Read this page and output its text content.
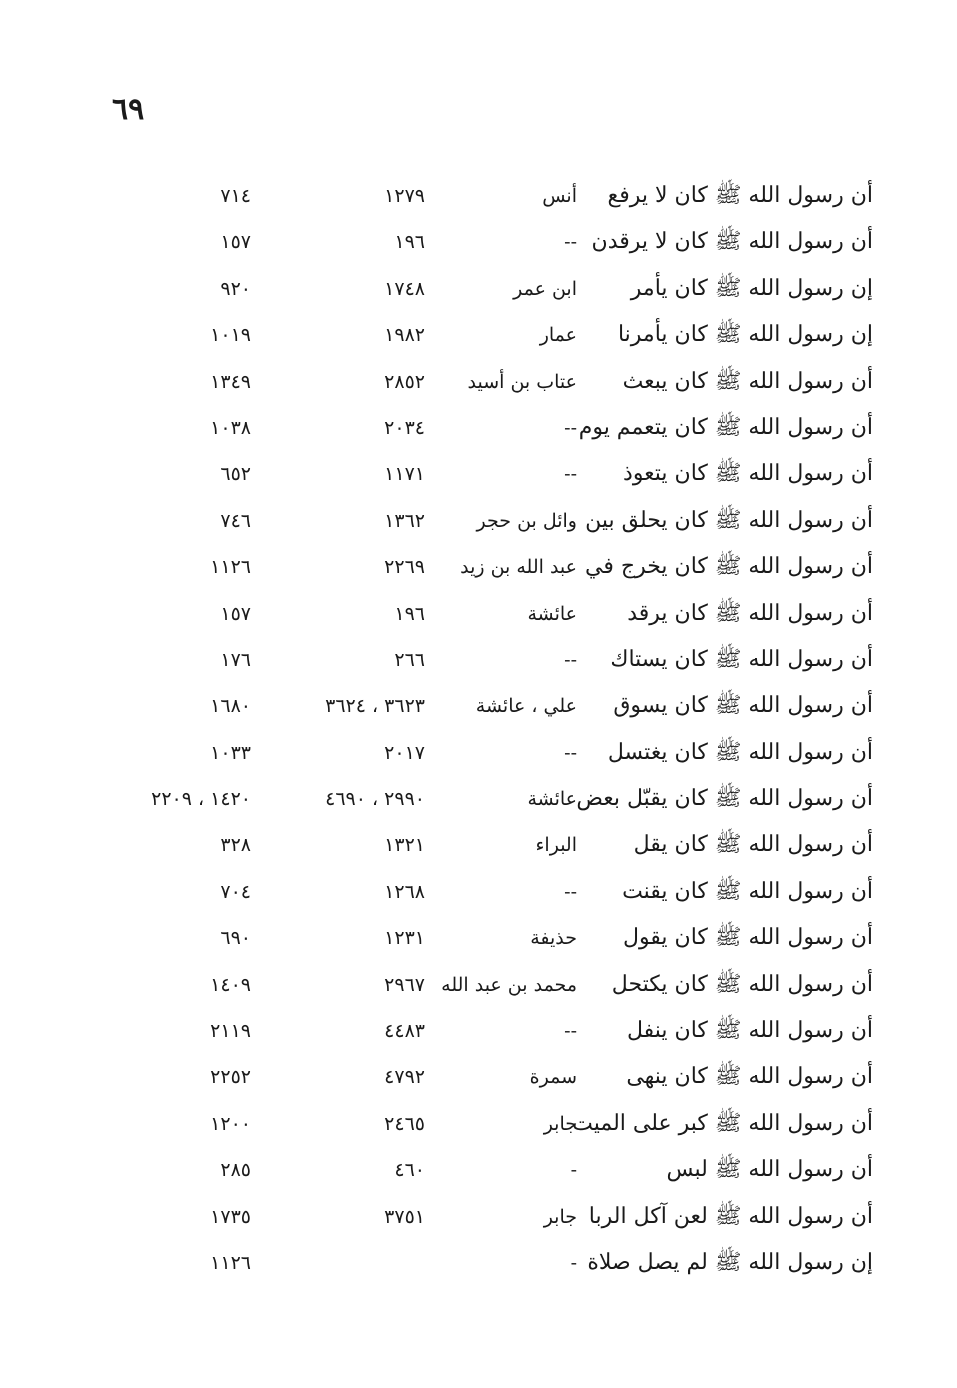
٦٩
أن رسول الله ﷺ كان لا يرفع
أنس
١٢٧٩
٧١٤
أن رسول الله ﷺ كان لا يرقدن
--
١٩٦
١٥٧
إن رسول الله ﷺ كان يأمر
ابن عمر
١٧٤٨
٩٢٠
إن رسول الله ﷺ كان يأمرنا
عمار
١٩٨٢
١٠١٩
أن رسول الله ﷺ كان يبعث
عتاب بن أسيد
٢٨٥٢
١٣٤٩
أن رسول الله ﷺ كان يتعمم يوم
--
٢٠٣٤
١٠٣٨
أن رسول الله ﷺ كان يتعوذ
--
١١٧١
٦٥٢
أن رسول الله ﷺ كان يحلق بين
وائل بن حجر
١٣٦٢
٧٤٦
أن رسول الله ﷺ كان يخرج في
عبد الله بن زيد
٢٢٦٩
١١٢٦
أن رسول الله ﷺ كان يرقد
عائشة
١٩٦
١٥٧
أن رسول الله ﷺ كان يستاك
--
٢٦٦
١٧٦
أن رسول الله ﷺ كان يسوق
علي ، عائشة
٣٦٢٣ ، ٣٦٢٤
١٦٨٠
أن رسول الله ﷺ كان يغتسل
--
٢٠١٧
١٠٣٣
أن رسول الله ﷺ كان يقبّل بعض
عائشة
٢٩٩٠ ، ٤٦٩٠
١٤٢٠ ، ٢٢٠٩
أن رسول الله ﷺ كان يقل
البراء
١٣٢١
٣٢٨
أن رسول الله ﷺ كان يقنت
--
١٢٦٨
٧٠٤
أن رسول الله ﷺ كان يقول
حذيفة
١٢٣١
٦٩٠
أن رسول الله ﷺ كان يكتحل
محمد بن عبد الله
٢٩٦٧
١٤٠٩
أن رسول الله ﷺ كان ينفل
--
٤٤٨٣
٢١١٩
أن رسول الله ﷺ كان ينهى
سمرة
٤٧٩٢
٢٢٥٢
أن رسول الله ﷺ كبر على الميت
جابر
٢٤٦٥
١٢٠٠
أن رسول الله ﷺ لبس
-
٤٦٠
٢٨٥
أن رسول الله ﷺ لعن آكل الربا
جابر
٣٧٥١
١٧٣٥
إن رسول الله ﷺ لم يصل صلاة
-
١١٢٦
